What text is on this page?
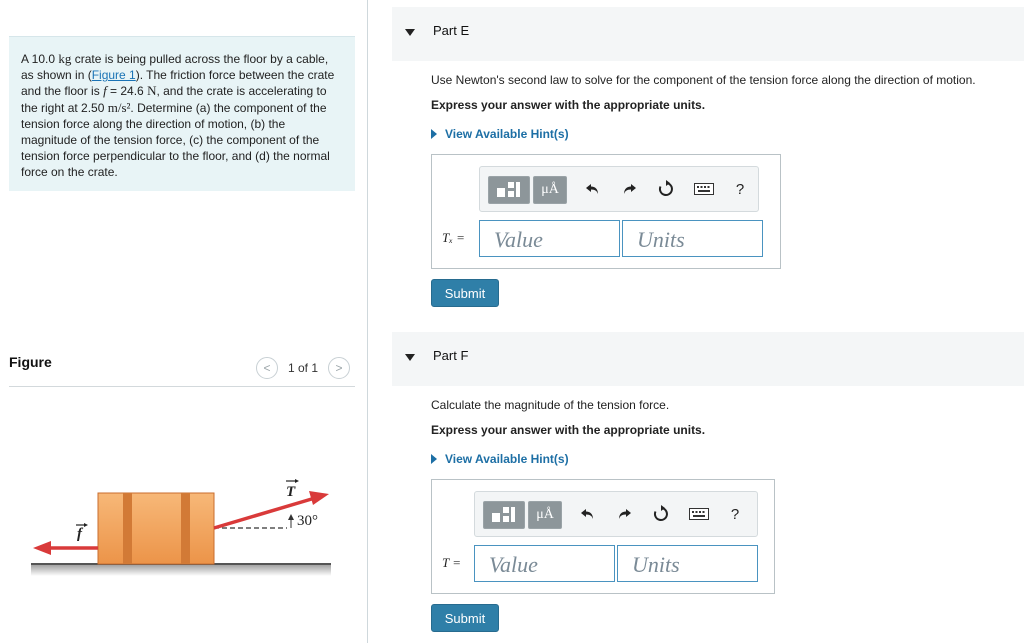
A 10.0 kg crate is being pulled across the floor by a cable, as shown in (Figure 1). The friction force between the crate and the floor is f = 24.6 N, and the crate is accelerating to the right at 2.50 m/s². Determine (a) the component of the tension force along the direction of motion, (b) the magnitude of the tension force, (c) the component of the tension force perpendicular to the floor, and (d) the normal force on the crate.
Figure	<	1 of 1	>
30°
T
f
Part E
Use Newton's second law to solve for the component of the tension force along the direction of motion.
Express your answer with the appropriate units.
View Available Hint(s)
μÅ	?
Tₓ =	Value	Units
Submit
Part F
Calculate the magnitude of the tension force.
Express your answer with the appropriate units.
View Available Hint(s)
μÅ	?
T =	Value	Units
Submit
